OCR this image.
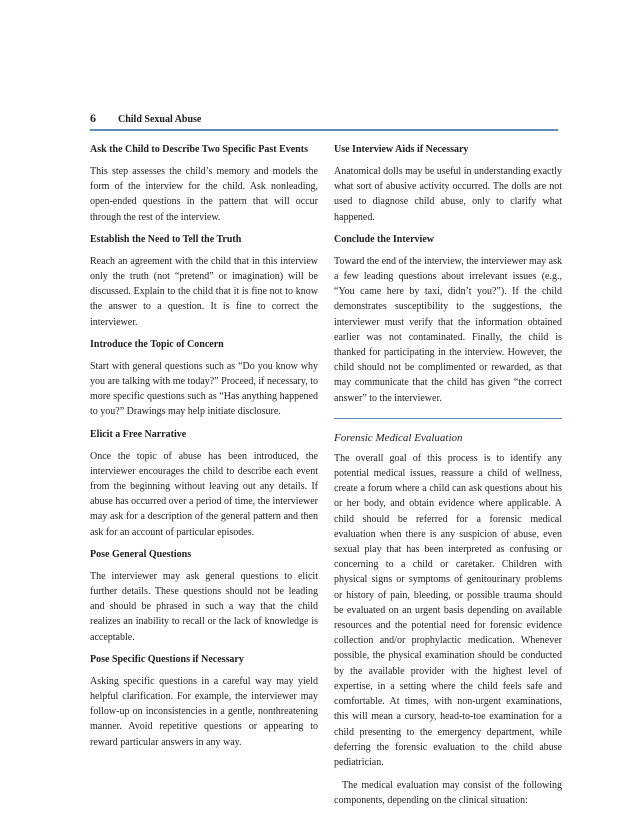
6	Child Sexual Abuse
Ask the Child to Describe Two Specific Past Events
This step assesses the child’s memory and models the form of the interview for the child. Ask nonleading, open-ended questions in the pattern that will occur through the rest of the interview.
Establish the Need to Tell the Truth
Reach an agreement with the child that in this interview only the truth (not “pretend” or imagination) will be discussed. Explain to the child that it is fine not to know the answer to a question. It is fine to correct the interviewer.
Introduce the Topic of Concern
Start with general questions such as “Do you know why you are talking with me today?” Proceed, if necessary, to more specific questions such as “Has anything happened to you?” Drawings may help initiate disclosure.
Elicit a Free Narrative
Once the topic of abuse has been introduced, the interviewer encourages the child to describe each event from the beginning without leaving out any details. If abuse has occurred over a period of time, the interviewer may ask for a description of the general pattern and then ask for an account of particular episodes.
Pose General Questions
The interviewer may ask general questions to elicit further details. These questions should not be leading and should be phrased in such a way that the child realizes an inability to recall or the lack of knowledge is acceptable.
Pose Specific Questions if Necessary
Asking specific questions in a careful way may yield helpful clarification. For example, the interviewer may follow-up on inconsistencies in a gentle, nonthreatening manner. Avoid repetitive questions or appearing to reward particular answers in any way.
Use Interview Aids if Necessary
Anatomical dolls may be useful in understanding exactly what sort of abusive activity occurred. The dolls are not used to diagnose child abuse, only to clarify what happened.
Conclude the Interview
Toward the end of the interview, the interviewer may ask a few leading questions about irrelevant issues (e.g., “You came here by taxi, didn’t you?”). If the child demonstrates susceptibility to the suggestions, the interviewer must verify that the information obtained earlier was not contaminated. Finally, the child is thanked for participating in the interview. However, the child should not be complimented or rewarded, as that may communicate that the child has given “the correct answer” to the interviewer.
Forensic Medical Evaluation
The overall goal of this process is to identify any potential medical issues, reassure a child of wellness, create a forum where a child can ask questions about his or her body, and obtain evidence where applicable. A child should be referred for a forensic medical evaluation when there is any suspicion of abuse, even sexual play that has been interpreted as confusing or concerning to a child or caretaker. Children with physical signs or symptoms of genitourinary problems or history of pain, bleeding, or possible trauma should be evaluated on an urgent basis depending on available resources and the potential need for forensic evidence collection and/or prophylactic medication. Whenever possible, the physical examination should be conducted by the available provider with the highest level of expertise, in a setting where the child feels safe and comfortable. At times, with non-urgent examinations, this will mean a cursory, head-to-toe examination for a child presenting to the emergency department, while deferring the forensic evaluation to the child abuse pediatrician.
The medical evaluation may consist of the following components, depending on the clinical situation:
